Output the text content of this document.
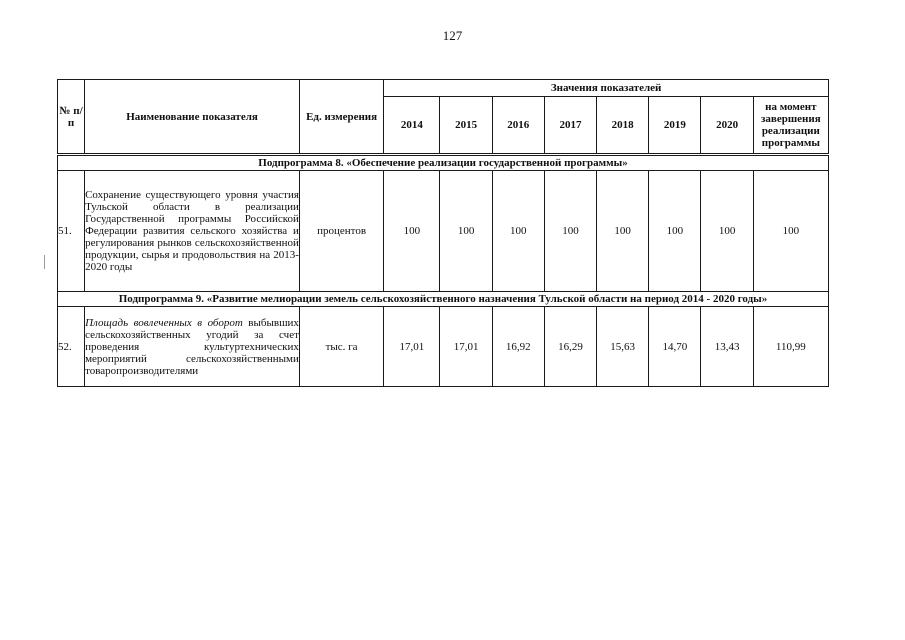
127
№ п/п	Наименование показателя	Ед. измерения	Значения показателей							
			2014	2015	2016	2017	2018	2019	2020	на момент завершения реализации программы
Подпрограмма 8. «Обеспечение реализации государственной программы»										
51.	Сохранение существующего уровня участия Тульской области в реализации Государственной программы Российской Федерации развития сельского хозяйства и регулирования рынков сельскохозяйственной продукции, сырья и продовольствия на 2013-2020 годы	процентов	100	100	100	100	100	100	100	100
Подпрограмма 9. «Развитие мелиорации земель сельскохозяйственного назначения Тульской области на период 2014 - 2020 годы»										
52.	Площадь вовлеченных в оборот выбывших сельскохозяйственных угодий за счет проведения культуртехнических мероприятий сельскохозяйственными товаропроизводителями	тыс. га	17,01	17,01	16,92	16,29	15,63	14,70	13,43	110,99
